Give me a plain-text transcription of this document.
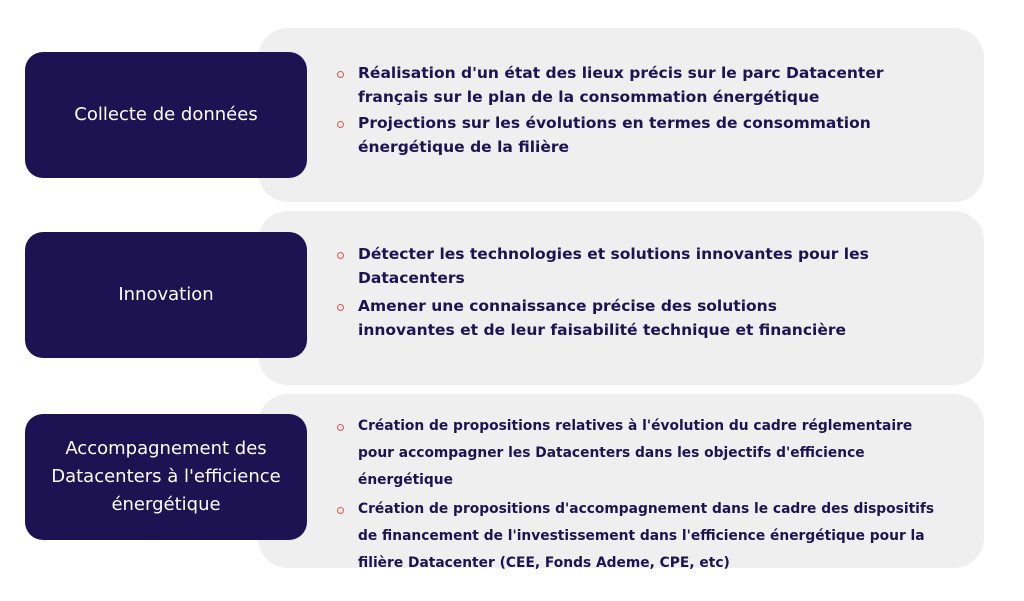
Collecte de données
Réalisation d'un état des lieux précis sur le parc Datacenter français sur le plan de la consommation énergétique
Projections sur les évolutions en termes de consommation énergétique de la filière
Innovation
Détecter les technologies et solutions innovantes pour les Datacenters
Amener une connaissance précise des solutions innovantes et de leur faisabilité technique et financière
Accompagnement des Datacenters à l'efficience énergétique
Création de propositions relatives à l'évolution du cadre réglementaire pour accompagner les Datacenters dans les objectifs d'efficience énergétique
Création de propositions d'accompagnement dans le cadre des dispositifs de financement de l'investissement dans l'efficience énergétique pour la filière Datacenter (CEE, Fonds Ademe, CPE, etc)
